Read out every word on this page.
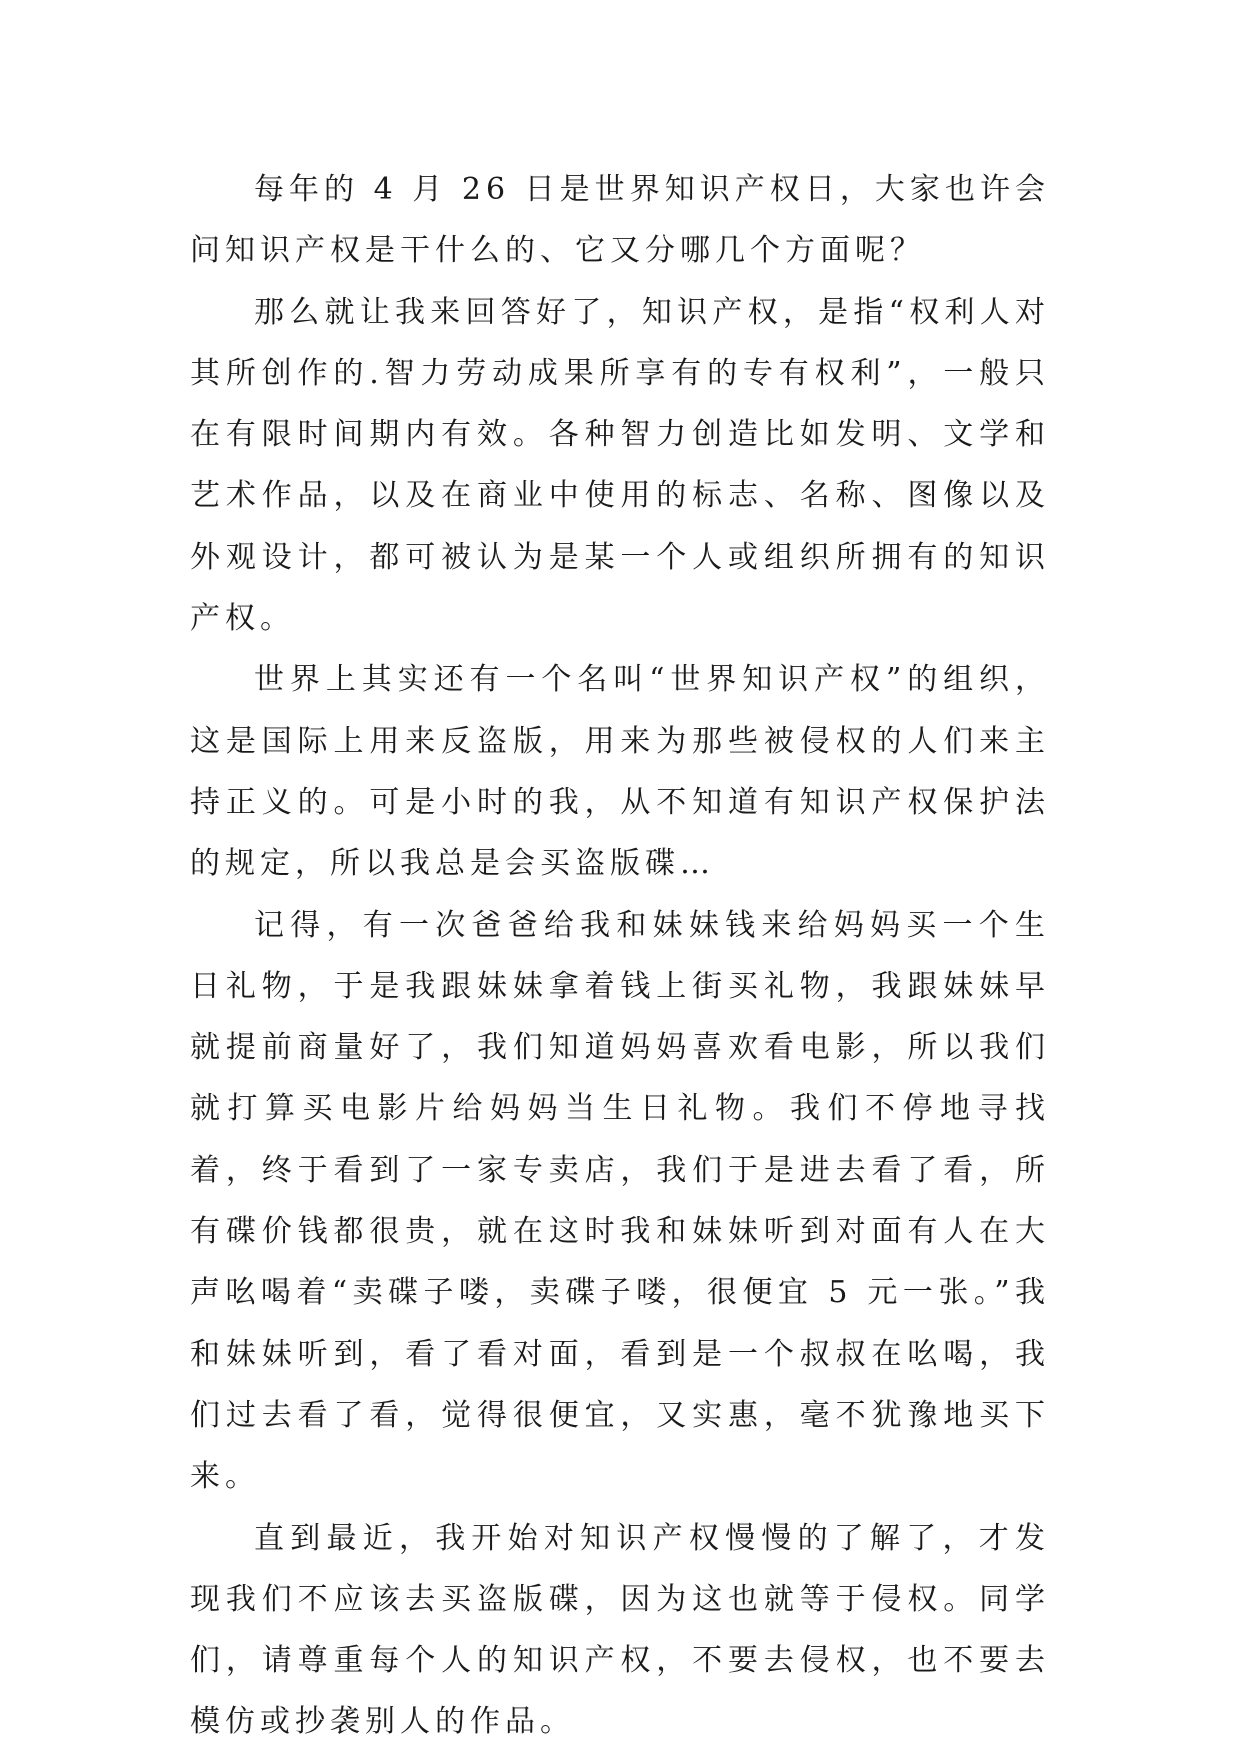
每年的 4 月 26 日是世界知识产权日，大家也许会问知识产权是干什么的、它又分哪几个方面呢？

那么就让我来回答好了，知识产权，是指“权利人对其所创作的.智力劳动成果所享有的专有权利”，一般只在有限时间期内有效。各种智力创造比如发明、文学和艺术作品，以及在商业中使用的标志、名称、图像以及外观设计，都可被认为是某一个人或组织所拥有的知识产权。

世界上其实还有一个名叫“世界知识产权”的组织，这是国际上用来反盗版，用来为那些被侵权的人们来主持正义的。可是小时的我，从不知道有知识产权保护法的规定，所以我总是会买盗版碟…

记得，有一次爸爸给我和妹妹钱来给妈妈买一个生日礼物，于是我跟妹妹拿着钱上街买礼物，我跟妹妹早就提前商量好了，我们知道妈妈喜欢看电影，所以我们就打算买电影片给妈妈当生日礼物。我们不停地寻找着，终于看到了一家专卖店，我们于是进去看了看，所有碟价钱都很贵，就在这时我和妹妹听到对面有人在大声吆喝着“卖碟子喽，卖碟子喽，很便宜 5 元一张。”我和妹妹听到，看了看对面，看到是一个叔叔在吆喝，我们过去看了看，觉得很便宜，又实惠，毫不犹豫地买下来。

直到最近，我开始对知识产权慢慢的了解了，才发现我们不应该去买盗版碟，因为这也就等于侵权。同学们，请尊重每个人的知识产权，不要去侵权，也不要去模仿或抄袭别人的作品。
